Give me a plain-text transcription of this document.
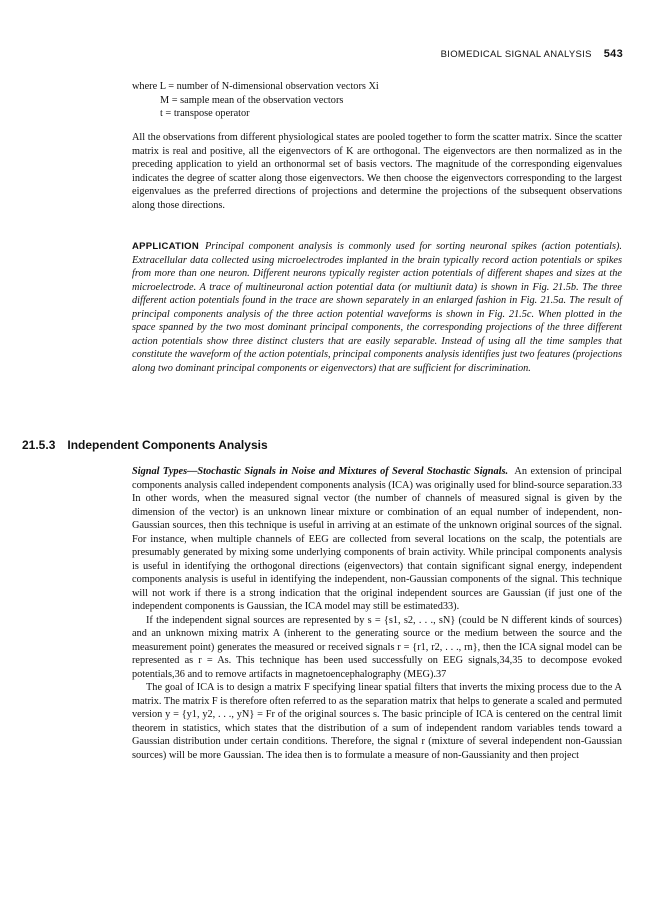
BIOMEDICAL SIGNAL ANALYSIS 543
where L = number of N-dimensional observation vectors Xi
M = sample mean of the observation vectors
t = transpose operator

All the observations from different physiological states are pooled together to form the scatter matrix. Since the scatter matrix is real and positive, all the eigenvectors of K are orthogonal. The eigenvectors are then normalized as in the preceding application to yield an orthonormal set of basis vectors. The magnitude of the corresponding eigenvalues indicates the degree of scatter along those eigenvectors. We then choose the eigenvectors corresponding to the largest eigenvalues as the preferred directions of projections and determine the projections of the subsequent observations along those directions.

APPLICATION Principal component analysis is commonly used for sorting neuronal spikes (action potentials). Extracellular data collected using microelectrodes implanted in the brain typically record action potentials or spikes from more than one neuron. Different neurons typically register action potentials of different shapes and sizes at the microelectrode. A trace of multineuronal action potential data (or multiunit data) is shown in Fig. 21.5b. The three different action potentials found in the trace are shown separately in an enlarged fashion in Fig. 21.5a. The result of principal components analysis of the three action potential waveforms is shown in Fig. 21.5c. When plotted in the space spanned by the two most dominant principal components, the corresponding projections of the three different action potentials show three distinct clusters that are easily separable. Instead of using all the time samples that constitute the waveform of the action potentials, principal components analysis identifies just two features (projections along two dominant principal components or eigenvectors) that are sufficient for discrimination.
21.5.3 Independent Components Analysis

Signal Types—Stochastic Signals in Noise and Mixtures of Several Stochastic Signals. An extension of principal components analysis called independent components analysis (ICA) was originally used for blind-source separation.33 In other words, when the measured signal vector (the number of channels of measured signal is given by the dimension of the vector) is an unknown linear mixture or combination of an equal number of independent, non-Gaussian sources, then this technique is useful in arriving at an estimate of the unknown original sources of the signal. For instance, when multiple channels of EEG are collected from several locations on the scalp, the potentials are presumably generated by mixing some underlying components of brain activity. While principal components analysis is useful in identifying the orthogonal directions (eigenvectors) that contain significant signal energy, independent components analysis is useful in identifying the independent, non-Gaussian components of the signal. This technique will not work if there is a strong indication that the original independent sources are Gaussian (if just one of the independent components is Gaussian, the ICA model may still be estimated33).

If the independent signal sources are represented by s = {s1, s2, . . ., sN} (could be N different kinds of sources) and an unknown mixing matrix A (inherent to the generating source or the medium between the source and the measurement point) generates the measured or received signals r = {r1, r2, . . ., rn}, then the ICA signal model can be represented as r = As. This technique has been used successfully on EEG signals,34,35 to decompose evoked potentials,36 and to remove artifacts in magnetoencephalography (MEG).37

The goal of ICA is to design a matrix F specifying linear spatial filters that inverts the mixing process due to the A matrix. The matrix F is therefore often referred to as the separation matrix that helps to generate a scaled and permuted version y = {y1, y2, . . ., yN} = Fr of the original sources s. The basic principle of ICA is centered on the central limit theorem in statistics, which states that the distribution of a sum of independent random variables tends toward a Gaussian distribution under certain conditions. Therefore, the signal r (mixture of several independent non-Gaussian sources) will be more Gaussian. The idea then is to formulate a measure of non-Gaussianity and then project
